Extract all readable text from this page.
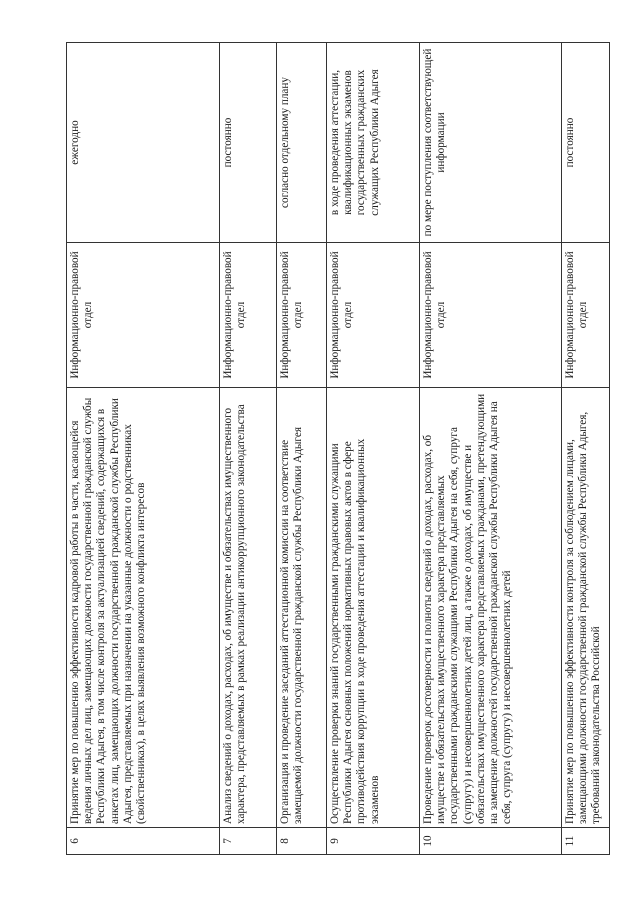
6	Принятие мер по повышению эффективности кадровой работы в части, касающейся ведения личных дел лиц, замещающих должности государственной гражданской службы Республики Адыгея, в том числе контроля за актуализацией сведений, содержащихся в анкетах лиц, замещающих должности государственной гражданской службы Республики Адыгея, представляемых при назначении на указанные должности о родственниках (свойственниках), в целях выявления возможного конфликта интересов	Информационно-правовой отдел	ежегодно
7	Анализ сведений о доходах, расходах, об имуществе и обязательствах имущественного характера, представляемых в рамках реализации антикоррупционного законодательства	Информационно-правовой отдел	постоянно
8	Организация и проведение заседаний аттестационной комиссии на соответствие замещаемой должности государственной гражданской службы Республики Адыгея	Информационно-правовой отдел	согласно отдельному плану
9	Осуществление проверки знаний государственными гражданскими служащими Республики Адыгея основных положений нормативных правовых актов в сфере противодействия коррупции в ходе проведения аттестации и квалификационных экзаменов	Информационно-правовой отдел	в ходе проведения аттестации, квалификационных экзаменов государственных гражданских служащих Республики Адыгея
10	Проведение проверок достоверности и полноты сведений о доходах, расходах, об имуществе и обязательствах имущественного характера представляемых государственными гражданскими служащими Республики Адыгея на себя, супруга (супругу) и несовершеннолетних детей лиц, а также о доходах, об имуществе и обязательствах имущественного характера представляемых гражданами, претендующими на замещение должностей государственной гражданской службы Республики Адыгея на себя, супруга (супругу) и несовершеннолетних детей	Информационно-правовой отдел	по мере поступления соответствующей информации
11	Принятие мер по повышению эффективности контроля за соблюдением лицами, замещающими должности государственной гражданской службы Республики Адыгея, требований законодательства Российской	Информационно-правовой отдел	постоянно
